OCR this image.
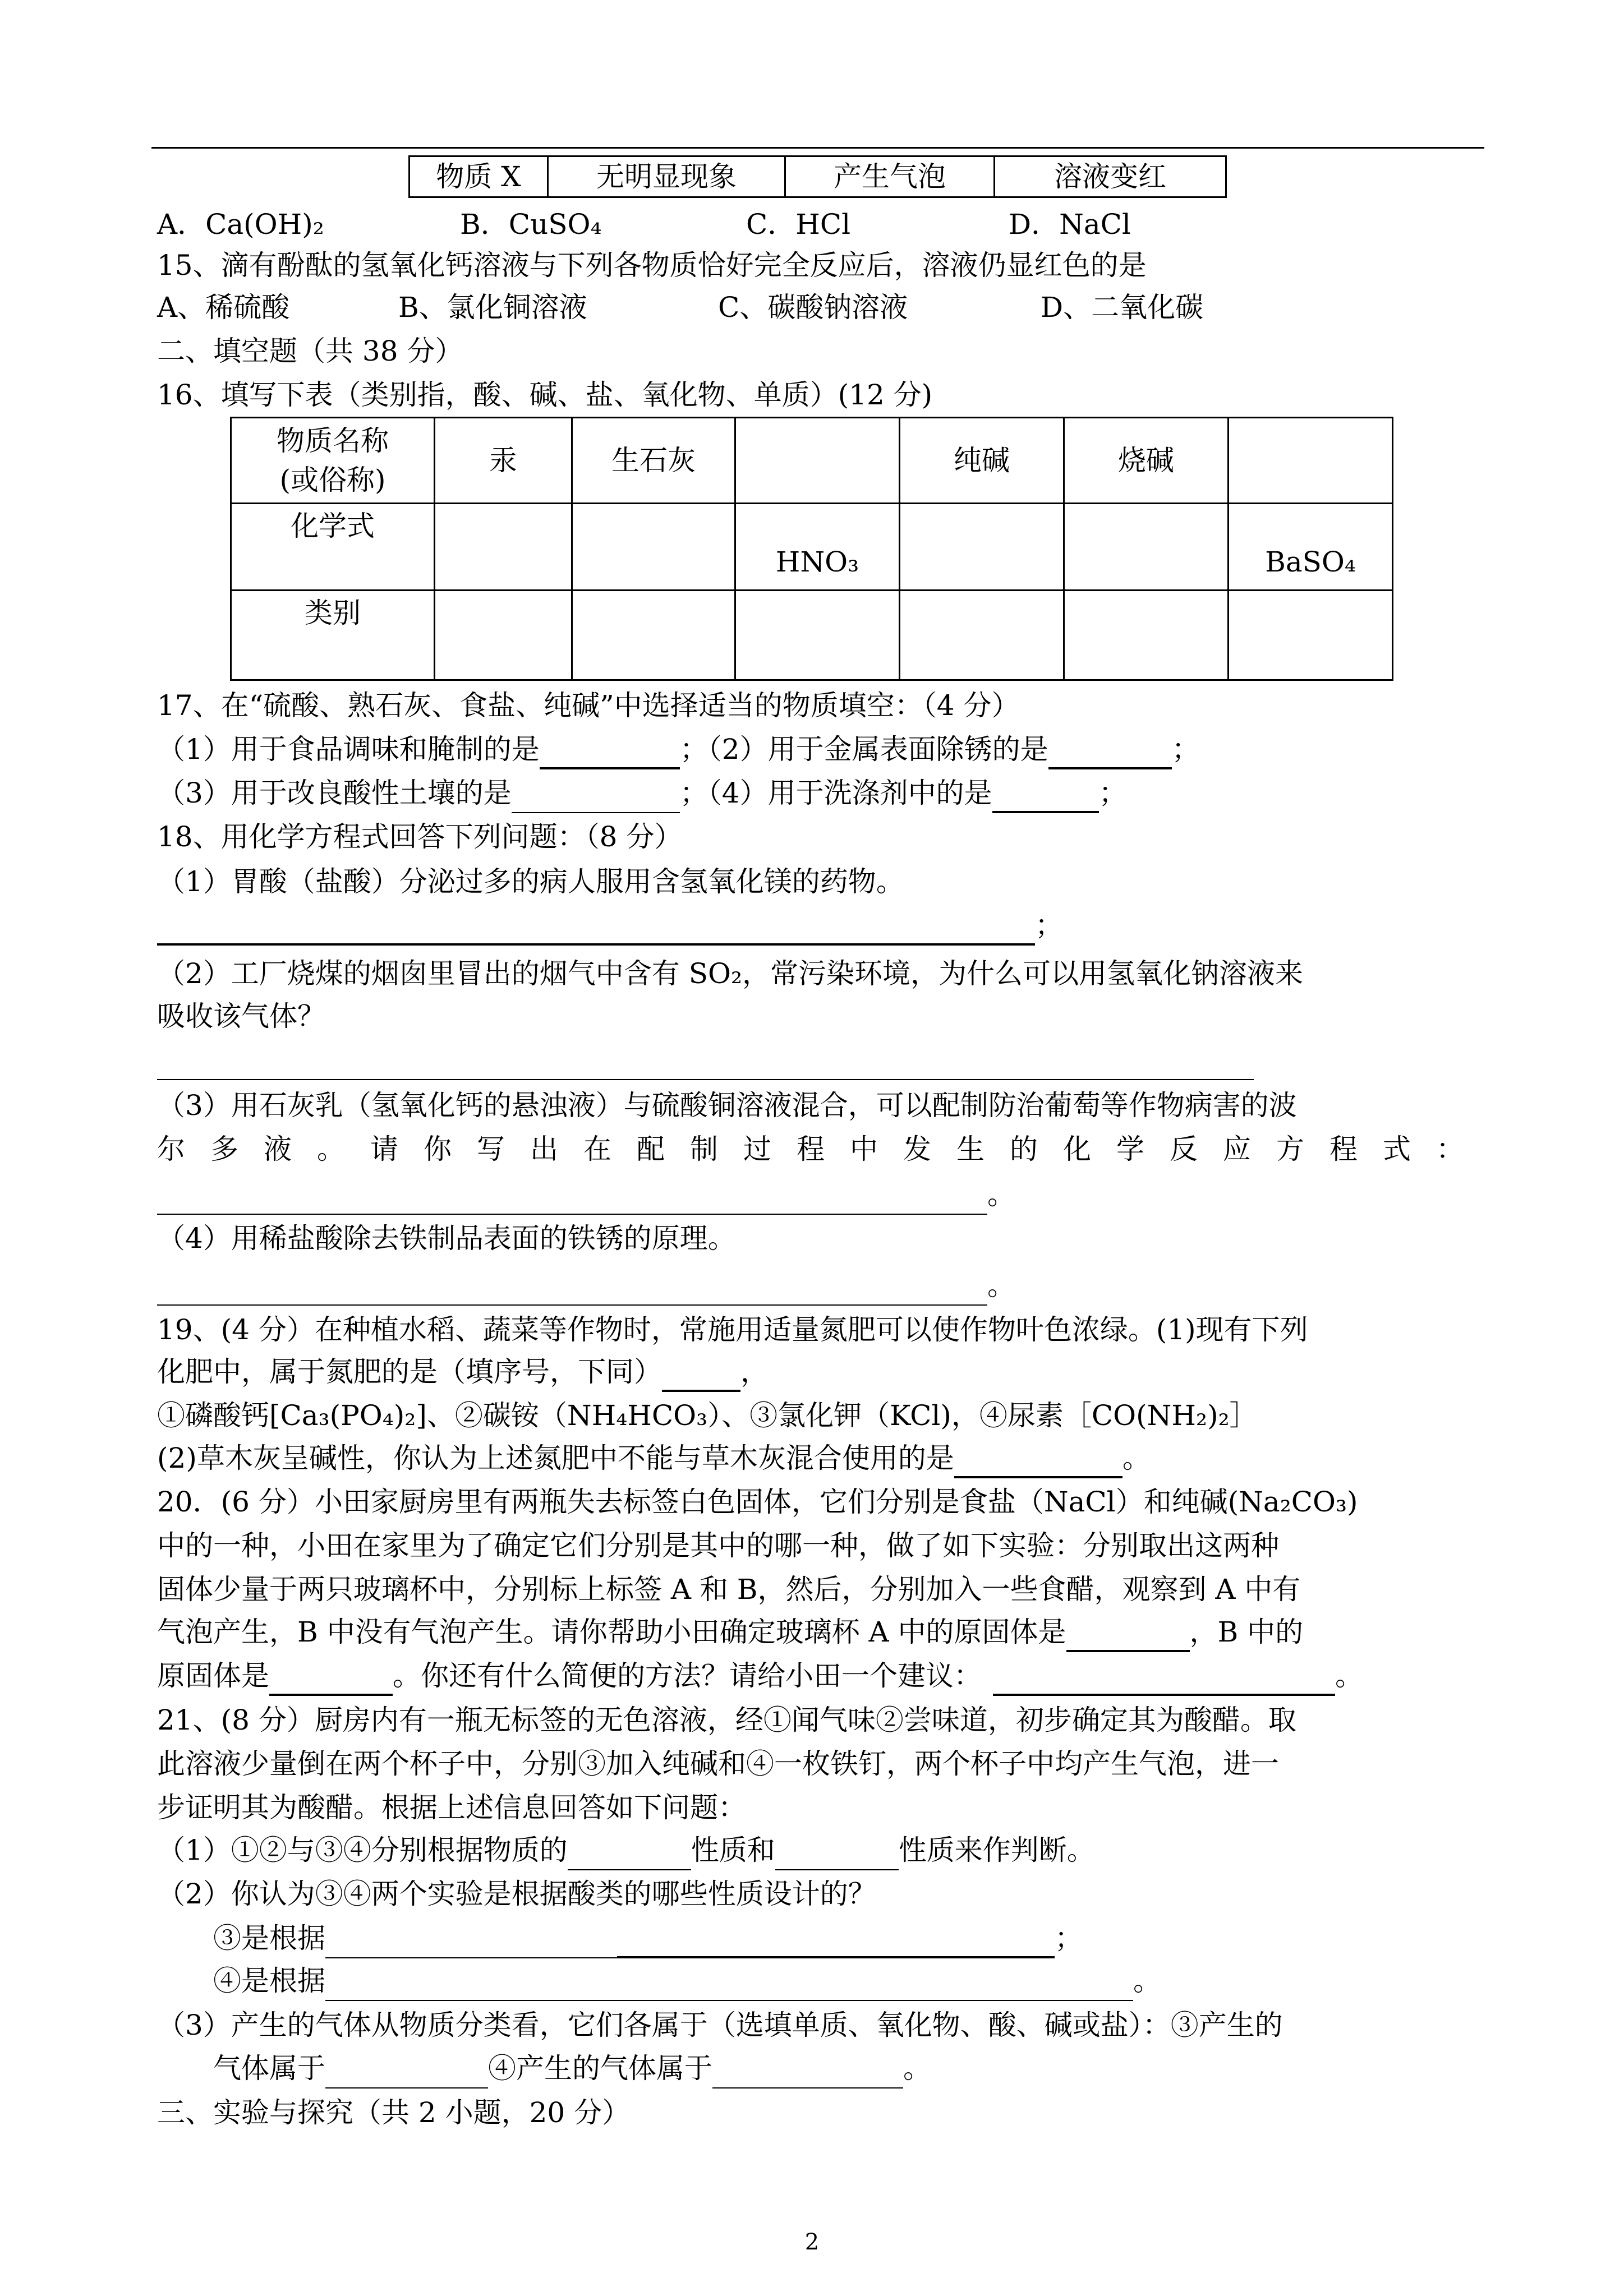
物质 X	无明显现象	产生气泡	溶液变红
A．Ca(OH)₂	B．CuSO₄	C．HCl	D．NaCl
15、滴有酚酞的氢氧化钙溶液与下列各物质恰好完全反应后，溶液仍显红色的是
A、稀硫酸	B、氯化铜溶液	C、碳酸钠溶液	D、二氧化碳
二、填空题（共 38 分）
16、填写下表（类别指，酸、碱、盐、氧化物、单质）(12 分)
物质名称
(或俗称)	汞	生石灰		纯碱	烧碱	
化学式			HNO₃			BaSO₄
类别						
17、在“硫酸、熟石灰、食盐、纯碱”中选择适当的物质填空：（4 分）
（1）用于食品调味和腌制的是	；（2）用于金属表面除锈的是	；
（3）用于改良酸性土壤的是	；（4）用于洗涤剂中的是	；
18、用化学方程式回答下列问题：（8 分）
（1）胃酸（盐酸）分泌过多的病人服用含氢氧化镁的药物。
；
（2）工厂烧煤的烟囱里冒出的烟气中含有 SO₂，常污染环境，为什么可以用氢氧化钠溶液来
吸收该气体？
（3）用石灰乳（氢氧化钙的悬浊液）与硫酸铜溶液混合，可以配制防治葡萄等作物病害的波
尔 多 液 。 请 你 写 出 在 配 制 过 程 中 发 生 的 化 学 反 应 方 程 式 ：
。
（4）用稀盐酸除去铁制品表面的铁锈的原理。
。
19、(4 分）在种植水稻、蔬菜等作物时，常施用适量氮肥可以使作物叶色浓绿。(1)现有下列
化肥中，属于氮肥的是（填序号，下同）	，
①磷酸钙[Ca₃(PO₄)₂]、②碳铵（NH₄HCO₃）、③氯化钾（KCl)，④尿素［CO(NH₂)₂］
(2)草木灰呈碱性，你认为上述氮肥中不能与草木灰混合使用的是	。
20．(6 分）小田家厨房里有两瓶失去标签白色固体，它们分别是食盐（NaCl）和纯碱(Na₂CO₃)
中的一种，小田在家里为了确定它们分别是其中的哪一种，做了如下实验：分别取出这两种
固体少量于两只玻璃杯中，分别标上标签 A 和 B，然后，分别加入一些食醋，观察到 A 中有
气泡产生，B 中没有气泡产生。请你帮助小田确定玻璃杯 A 中的原固体是	，B 中的
原固体是	。你还有什么简便的方法？请给小田一个建议：	。
21、(8 分）厨房内有一瓶无标签的无色溶液，经①闻气味②尝味道，初步确定其为酸醋。取
此溶液少量倒在两个杯子中，分别③加入纯碱和④一枚铁钉，两个杯子中均产生气泡，进一
步证明其为酸醋。根据上述信息回答如下问题：
（1）①②与③④分别根据物质的	性质和	性质来作判断。
（2）你认为③④两个实验是根据酸类的哪些性质设计的？
③是根据	；
④是根据	。
（3）产生的气体从物质分类看，它们各属于（选填单质、氧化物、酸、碱或盐）：③产生的
气体属于	④产生的气体属于	。
三、实验与探究（共 2 小题，20 分）
2
